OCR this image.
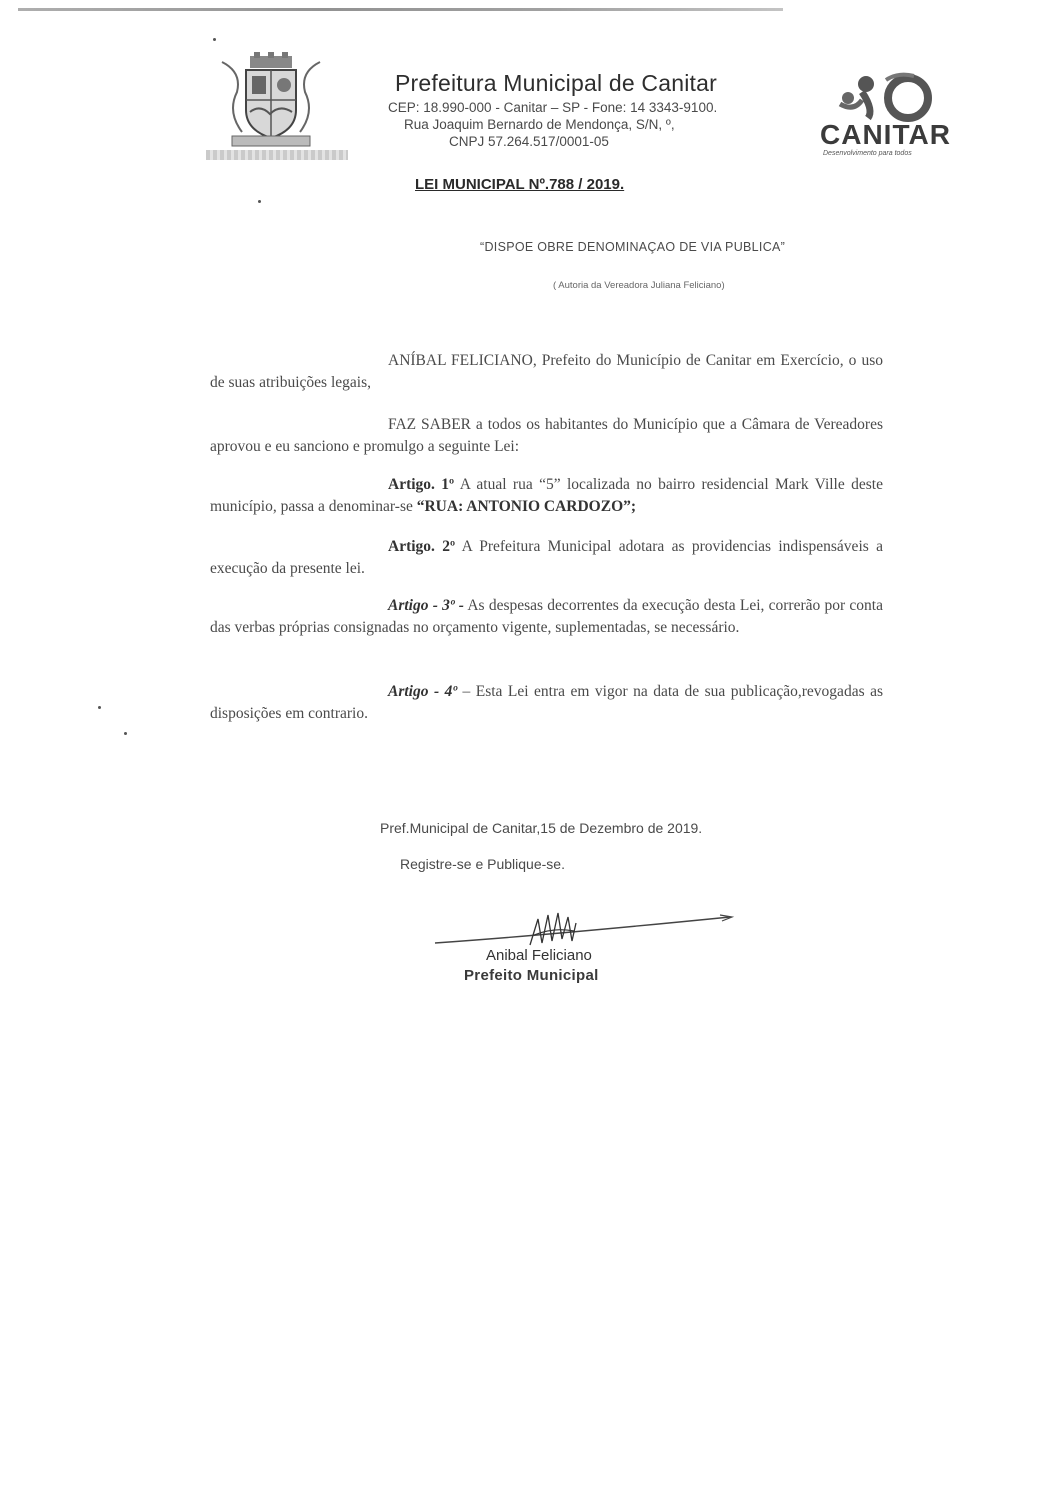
Prefeitura Municipal de Canitar
CEP: 18.990-000 - Canitar – SP - Fone: 14 3343-9100.
Rua Joaquim Bernardo de Mendonça, S/N, º,
CNPJ 57.264.517/0001-05	CANITAR
Desenvolvimento para todos
LEI MUNICIPAL Nº.788 / 2019.
“DISPOE OBRE DENOMINAÇAO DE VIA PUBLICA”
( Autoria da Vereadora Juliana Feliciano)

ANÍBAL FELICIANO, Prefeito do Município de Canitar em Exercício, o uso de suas atribuições legais,

FAZ SABER a todos os habitantes do Município que a Câmara de Vereadores aprovou e eu sanciono e promulgo a seguinte Lei:

Artigo. 1º A atual rua “5” localizada no bairro residencial Mark Ville deste município, passa a denominar-se “RUA: ANTONIO CARDOZO”;

Artigo. 2º A Prefeitura Municipal adotara as providencias indispensáveis a execução da presente lei.

Artigo - 3º - As despesas decorrentes da execução desta Lei, correrão por conta das verbas próprias consignadas no orçamento vigente, suplementadas, se necessário.

Artigo - 4º – Esta Lei entra em vigor na data de sua publicação,revogadas as disposições em contrario.

Pref.Municipal de Canitar,15 de Dezembro de 2019.
Registre-se e Publique-se.
Anibal Feliciano
Prefeito Municipal
